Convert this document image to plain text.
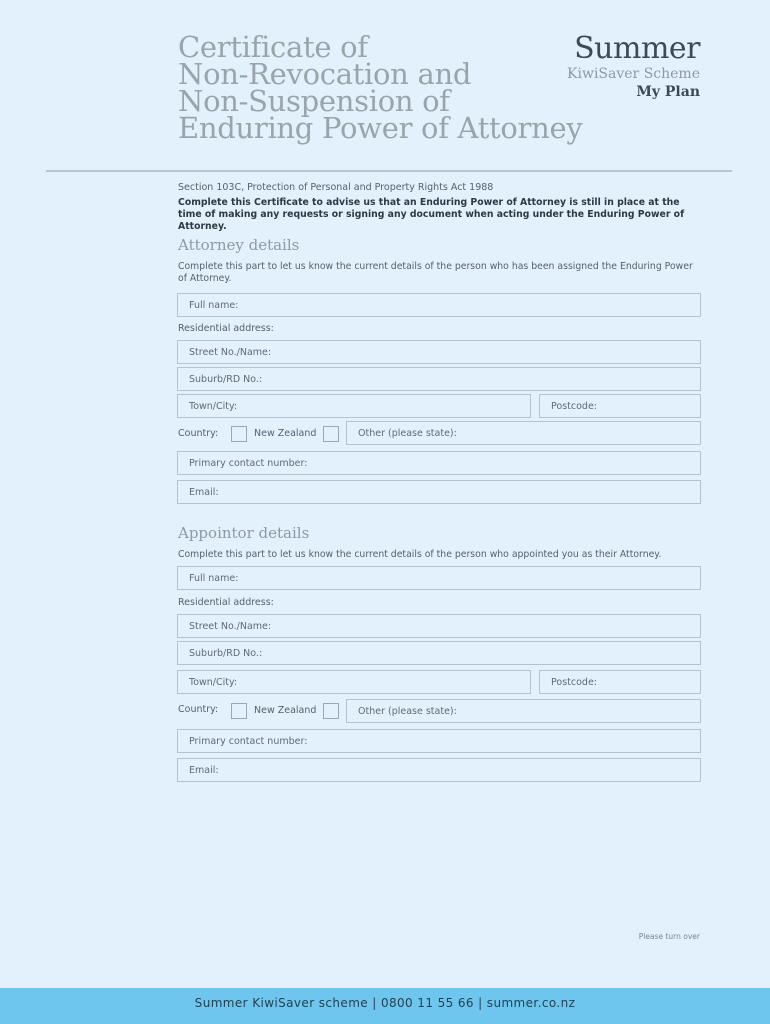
Certificate of
Non-Revocation and
Non-Suspension of
Enduring Power of Attorney
Summer
KiwiSaver Scheme
My Plan
Section 103C, Protection of Personal and Property Rights Act 1988
Complete this Certificate to advise us that an Enduring Power of Attorney is still in place at the time of making any requests or signing any document when acting under the Enduring Power of Attorney.
Attorney details
Complete this part to let us know the current details of the person who has been assigned the Enduring Power of Attorney.
Full name:
Residential address:
Street No./Name:
Suburb/RD No.:
Town/City:	Postcode:
Country:	New Zealand	Other (please state):
Primary contact number:
Email:
Appointor details
Complete this part to let us know the current details of the person who appointed you as their Attorney.
Full name:
Residential address:
Street No./Name:
Suburb/RD No.:
Town/City:	Postcode:
Country:	New Zealand	Other (please state):
Primary contact number:
Email:
Please turn over
Summer KiwiSaver scheme | 0800 11 55 66 | summer.co.nz
